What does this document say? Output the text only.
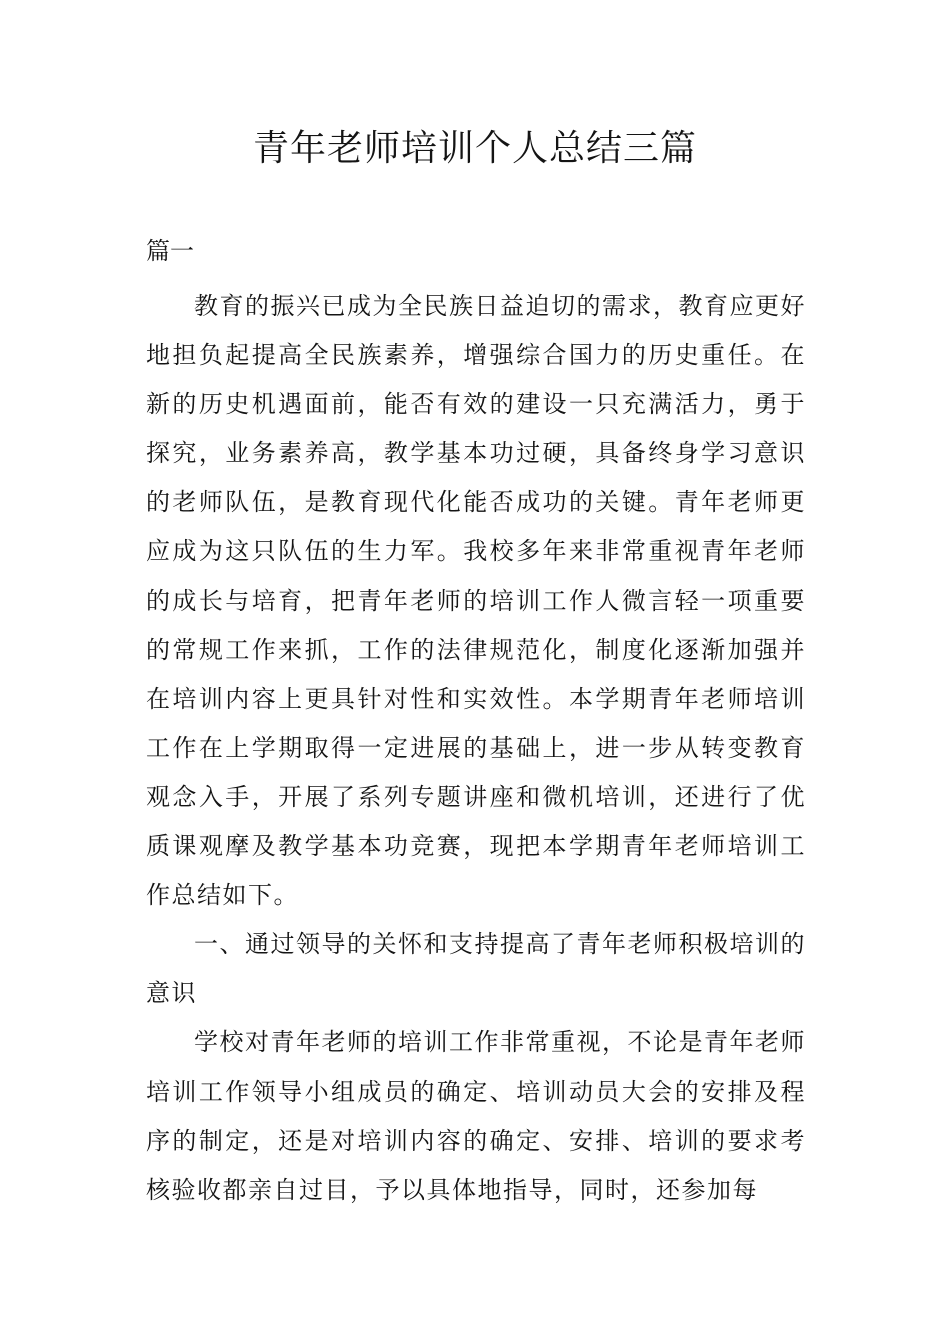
青年老师培训个人总结三篇

篇一

教育的振兴已成为全民族日益迫切的需求，教育应更好地担负起提高全民族素养，增强综合国力的历史重任。在新的历史机遇面前，能否有效的建设一只充满活力，勇于探究，业务素养高，教学基本功过硬，具备终身学习意识的老师队伍，是教育现代化能否成功的关键。青年老师更应成为这只队伍的生力军。我校多年来非常重视青年老师的成长与培育，把青年老师的培训工作人微言轻一项重要的常规工作来抓，工作的法律规范化，制度化逐渐加强并在培训内容上更具针对性和实效性。本学期青年老师培训工作在上学期取得一定进展的基础上，进一步从转变教育观念入手，开展了系列专题讲座和微机培训，还进行了优质课观摩及教学基本功竞赛，现把本学期青年老师培训工作总结如下。

一、通过领导的关怀和支持提高了青年老师积极培训的意识

学校对青年老师的培训工作非常重视，不论是青年老师培训工作领导小组成员的确定、培训动员大会的安排及程序的制定，还是对培训内容的确定、安排、培训的要求考核验收都亲自过目，予以具体地指导，同时，还参加每
